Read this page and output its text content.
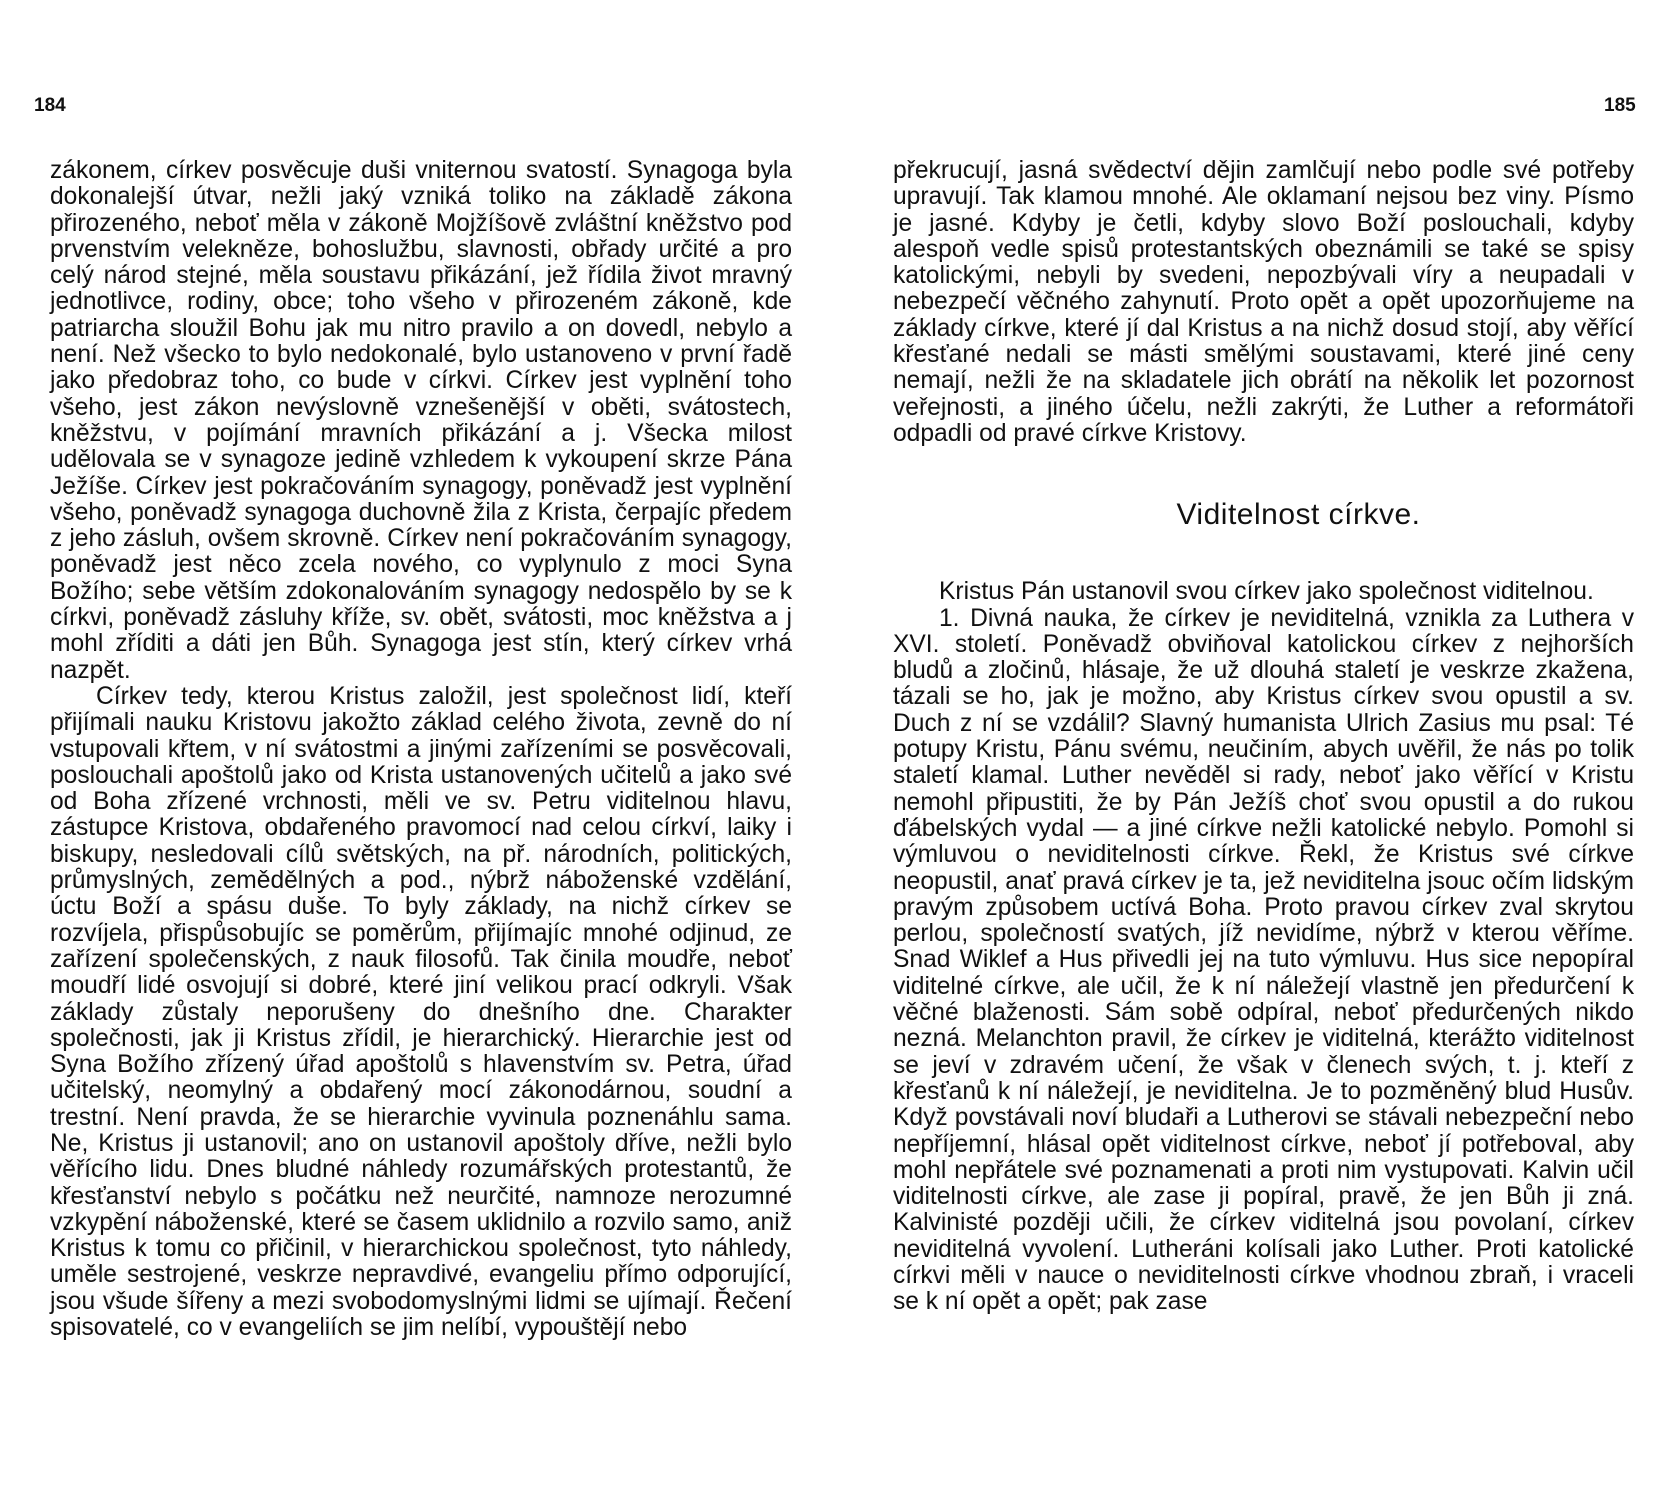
184	185

zákonem, církev posvěcuje duši vniternou svatostí. Synagoga byla dokonalejší útvar, nežli jaký vzniká toliko na základě zákona přirozeného, neboť měla v zákoně Mojžíšově zvláštní kněžstvo pod prvenstvím velekněze, bohoslužbu, slavnosti, obřady určité a pro celý národ stejné, měla soustavu přikázání, jež řídila život mravný jednotlivce, rodiny, obce; toho všeho v přirozeném zákoně, kde patriarcha sloužil Bohu jak mu nitro pravilo a on dovedl, nebylo a není. Než všecko to bylo nedokonalé, bylo ustanoveno v první řadě jako předobraz toho, co bude v církvi. Církev jest vyplnění toho všeho, jest zákon nevýslovně vznešenější v oběti, svátostech, kněžstvu, v pojímání mravních přikázání a j. Všecka milost udělovala se v synagoze jedině vzhledem k vykoupení skrze Pána Ježíše. Církev jest pokračováním synagogy, poněvadž jest vyplnění všeho, poněvadž synagoga duchovně žila z Krista, čerpajíc předem z jeho zásluh, ovšem skrovně. Církev není pokračováním synagogy, poněvadž jest něco zcela nového, co vyplynulo z moci Syna Božího; sebe větším zdokonalováním synagogy nedospělo by se k církvi, poněvadž zásluhy kříže, sv. obět, svátosti, moc kněžstva a j mohl zříditi a dáti jen Bůh. Synagoga jest stín, který církev vrhá nazpět.

Církev tedy, kterou Kristus založil, jest společnost lidí, kteří přijímali nauku Kristovu jakožto základ celého života, zevně do ní vstupovali křtem, v ní svátostmi a jinými zařízeními se posvěcovali, poslouchali apoštolů jako od Krista ustanovených učitelů a jako své od Boha zřízené vrchnosti, měli ve sv. Petru viditelnou hlavu, zástupce Kristova, obdařeného pravomocí nad celou církví, laiky i biskupy, nesledovali cílů světských, na př. národních, politických, průmyslných, zemědělných a pod., nýbrž náboženské vzdělání, úctu Boží a spásu duše. To byly základy, na nichž církev se rozvíjela, přispůsobujíc se poměrům, přijímajíc mnohé odjinud, ze zařízení společenských, z nauk filosofů. Tak činila moudře, neboť moudří lidé osvojují si dobré, které jiní velikou prací odkryli. Však základy zůstaly neporušeny do dnešního dne. Charakter společnosti, jak ji Kristus zřídil, je hierarchický. Hierarchie jest od Syna Božího zřízený úřad apoštolů s hlavenstvím sv. Petra, úřad učitelský, neomylný a obdařený mocí zákonodárnou, soudní a trestní. Není pravda, že se hierarchie vyvinula poznenáhlu sama. Ne, Kristus ji ustanovil; ano on ustanovil apoštoly dříve, nežli bylo věřícího lidu. Dnes bludné náhledy rozumářských protestantů, že křesťanství nebylo s počátku než neurčité, namnoze nerozumné vzkypění náboženské, které se časem uklidnilo a rozvilo samo, aniž Kristus k tomu co přičinil, v hierarchickou společnost, tyto náhledy, uměle sestrojené, veskrze nepravdivé, evangeliu přímo odporující, jsou všude šířeny a mezi svobodomyslnými lidmi se ujímají. Řečení spisovatelé, co v evangeliích se jim nelíbí, vypouštějí nebo

překrucují, jasná svědectví dějin zamlčují nebo podle své potřeby upravují. Tak klamou mnohé. Ale oklamaní nejsou bez viny. Písmo je jasné. Kdyby je četli, kdyby slovo Boží poslouchali, kdyby alespoň vedle spisů protestantských obeznámili se také se spisy katolickými, nebyli by svedeni, nepozbývali víry a neupadali v nebezpečí věčného zahynutí. Proto opět a opět upozorňujeme na základy církve, které jí dal Kristus a na nichž dosud stojí, aby věřící křesťané nedali se másti smělými soustavami, které jiné ceny nemají, nežli že na skladatele jich obrátí na několik let pozornost veřejnosti, a jiného účelu, nežli zakrýti, že Luther a reformátoři odpadli od pravé církve Kristovy.

Viditelnost církve.

Kristus Pán ustanovil svou církev jako společnost viditelnou.

1. Divná nauka, že církev je neviditelná, vznikla za Luthera v XVI. století. Poněvadž obviňoval katolickou církev z nejhorších bludů a zločinů, hlásaje, že už dlouhá staletí je veskrze zkažena, tázali se ho, jak je možno, aby Kristus církev svou opustil a sv. Duch z ní se vzdálil? Slavný humanista Ulrich Zasius mu psal: Té potupy Kristu, Pánu svému, neučiním, abych uvěřil, že nás po tolik staletí klamal. Luther nevěděl si rady, neboť jako věřící v Kristu nemohl připustiti, že by Pán Ježíš choť svou opustil a do rukou ďábelských vydal — a jiné církve nežli katolické nebylo. Pomohl si výmluvou o neviditelnosti církve. Řekl, že Kristus své církve neopustil, anať pravá církev je ta, jež neviditelna jsouc očím lidským pravým způsobem uctívá Boha. Proto pravou církev zval skrytou perlou, společností svatých, jíž nevidíme, nýbrž v kterou věříme. Snad Wiklef a Hus přivedli jej na tuto výmluvu. Hus sice nepopíral viditelné církve, ale učil, že k ní náležejí vlastně jen předurčení k věčné blaženosti. Sám sobě odpíral, neboť předurčených nikdo nezná. Melanchton pravil, že církev je viditelná, kterážto viditelnost se jeví v zdravém učení, že však v členech svých, t. j. kteří z křesťanů k ní náležejí, je neviditelna. Je to pozměněný blud Husův. Když povstávali noví bludaři a Lutherovi se stávali nebezpeční nebo nepříjemní, hlásal opět viditelnost církve, neboť jí potřeboval, aby mohl nepřátele své poznamenati a proti nim vystupovati. Kalvin učil viditelnosti církve, ale zase ji popíral, pravě, že jen Bůh ji zná. Kalvinisté později učili, že církev viditelná jsou povolaní, církev neviditelná vyvolení. Lutheráni kolísali jako Luther. Proti katolické církvi měli v nauce o neviditelnosti církve vhodnou zbraň, i vraceli se k ní opět a opět; pak zase
